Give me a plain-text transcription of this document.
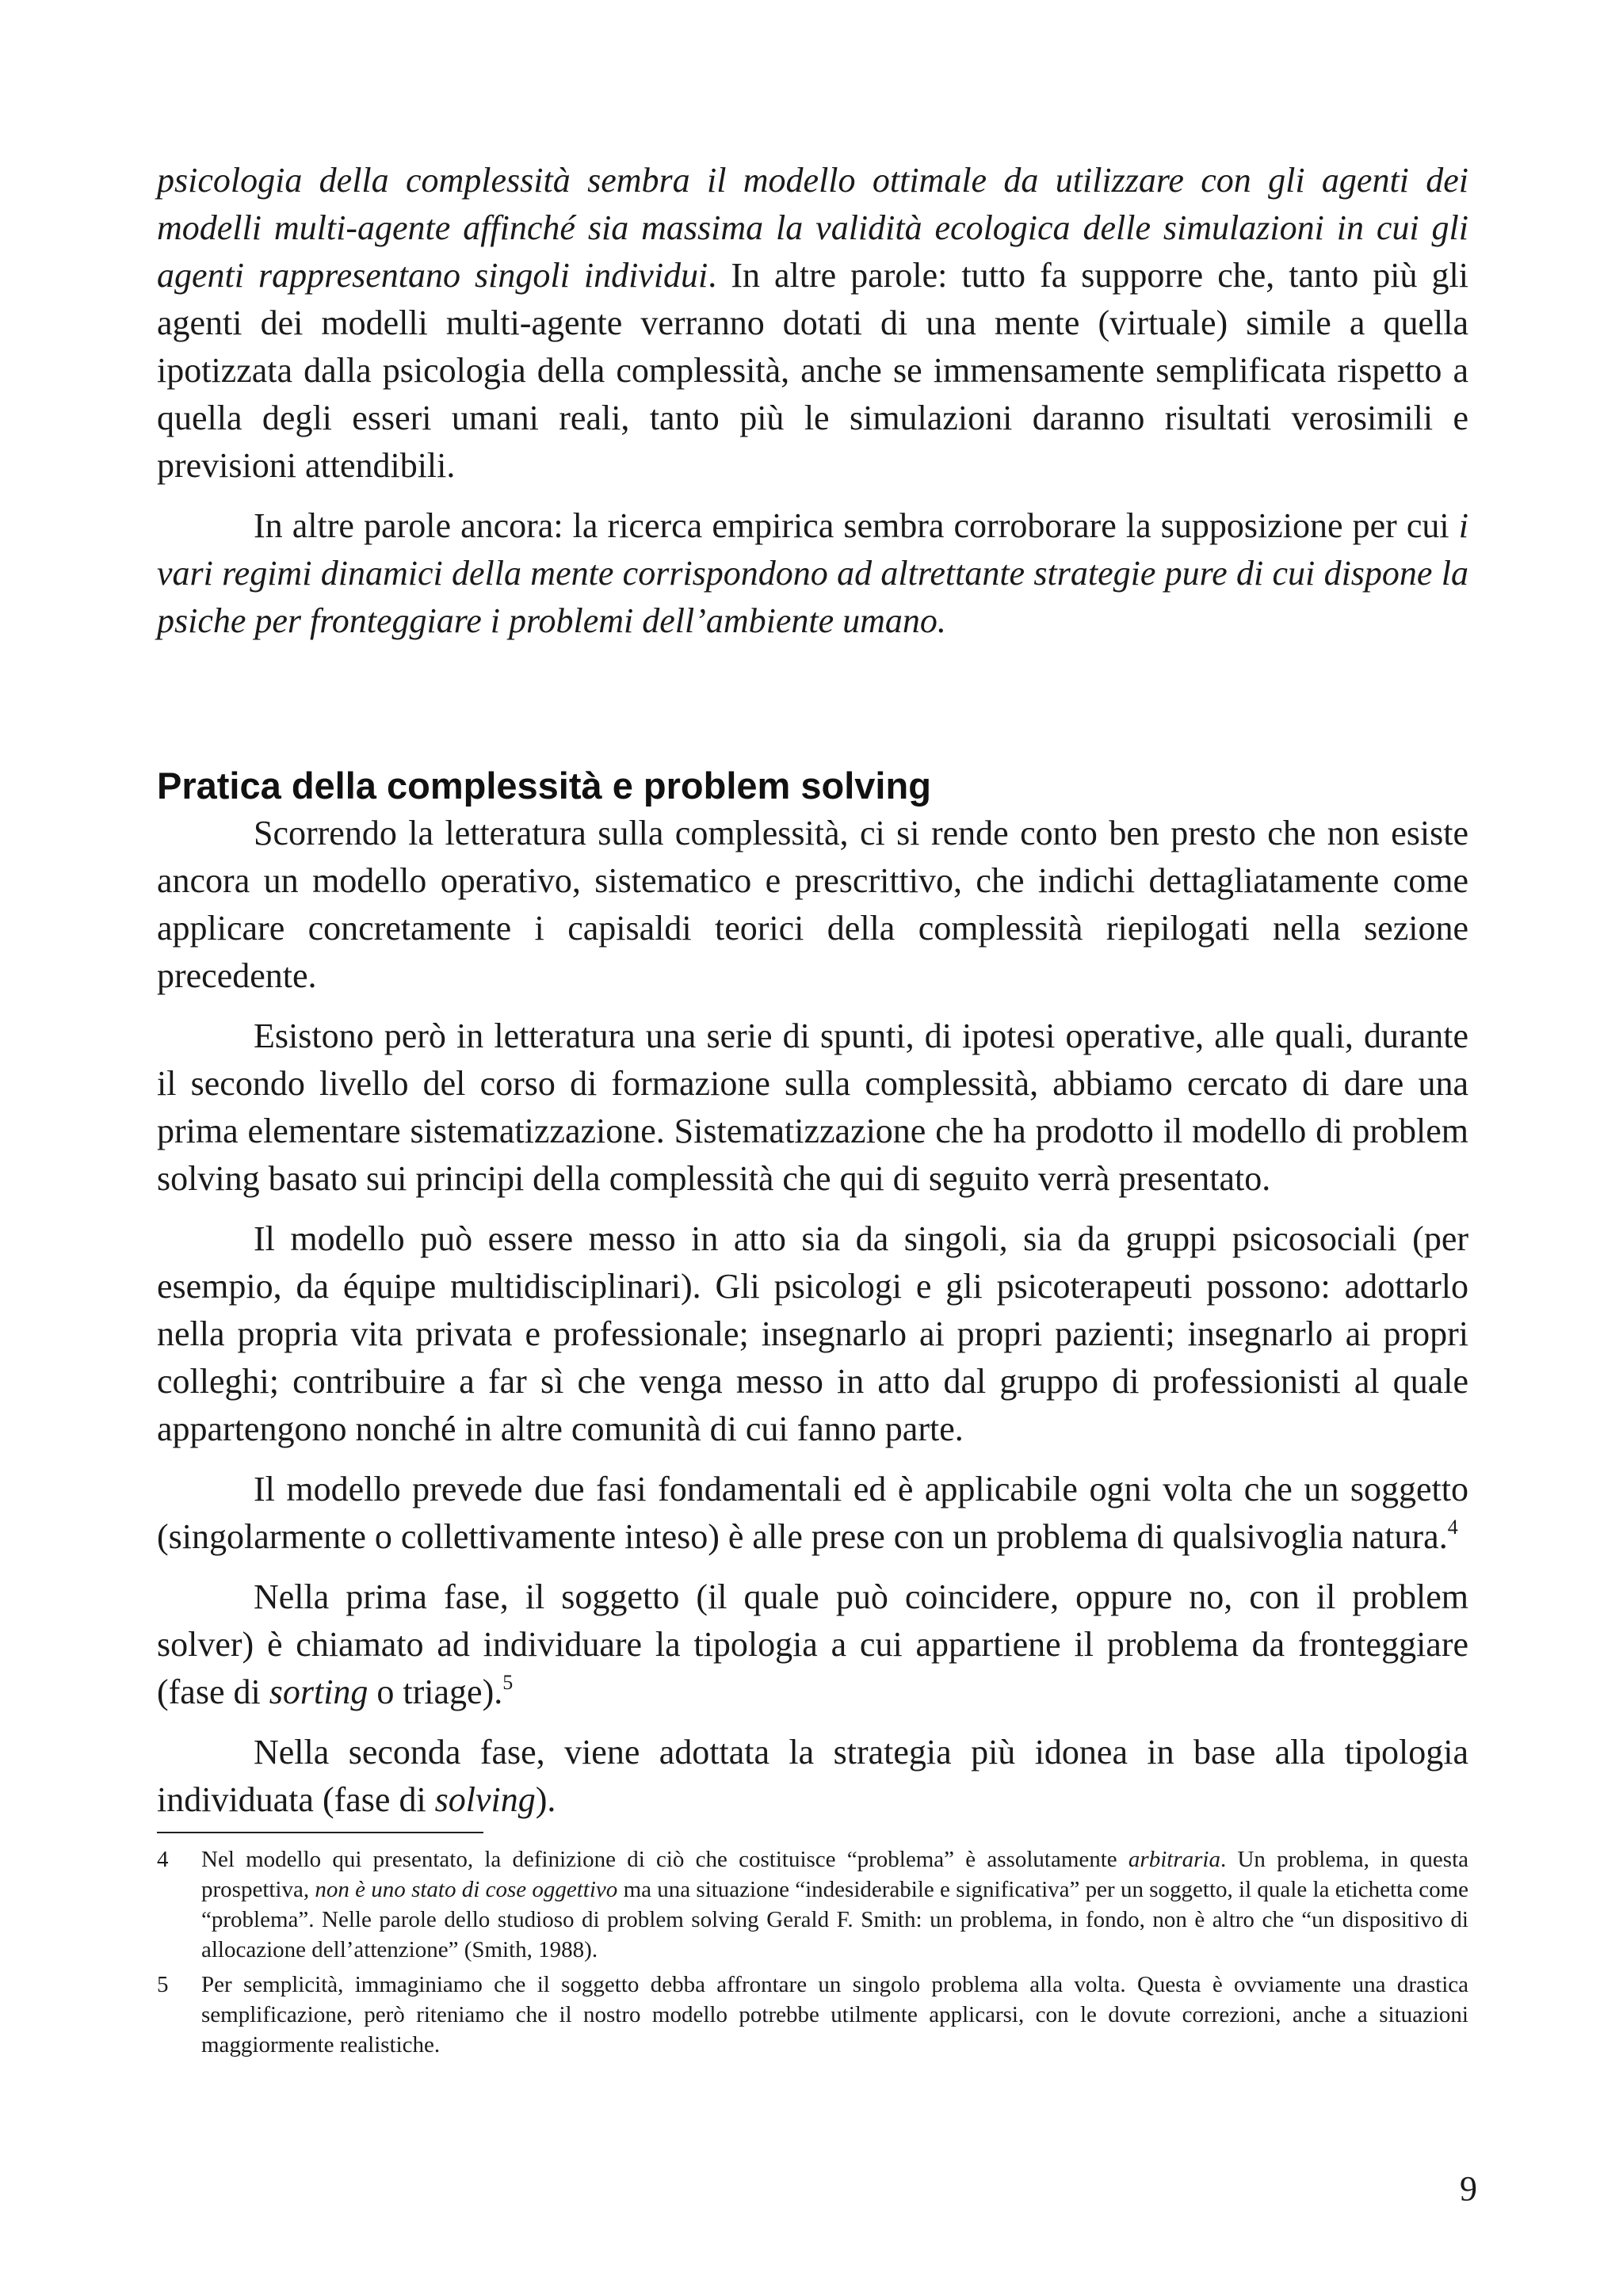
psicologia della complessità sembra il modello ottimale da utilizzare con gli agenti dei modelli multi-agente affinché sia massima la validità ecologica delle simulazioni in cui gli agenti rappresentano singoli individui. In altre parole: tutto fa supporre che, tanto più gli agenti dei modelli multi-agente verranno dotati di una mente (virtuale) simile a quella ipotizzata dalla psicologia della complessità, anche se immensamente semplificata rispetto a quella degli esseri umani reali, tanto più le simulazioni daranno risultati verosimili e previsioni attendibili.

In altre parole ancora: la ricerca empirica sembra corroborare la supposizione per cui i vari regimi dinamici della mente corrispondono ad altrettante strategie pure di cui dispone la psiche per fronteggiare i problemi dell’ambiente umano.

Pratica della complessità e problem solving

Scorrendo la letteratura sulla complessità, ci si rende conto ben presto che non esiste ancora un modello operativo, sistematico e prescrittivo, che indichi dettagliatamente come applicare concretamente i capisaldi teorici della complessità riepilogati nella sezione precedente.

Esistono però in letteratura una serie di spunti, di ipotesi operative, alle quali, durante il secondo livello del corso di formazione sulla complessità, abbiamo cercato di dare una prima elementare sistematizzazione. Sistematizzazione che ha prodotto il modello di problem solving basato sui principi della complessità che qui di seguito verrà presentato.

Il modello può essere messo in atto sia da singoli, sia da gruppi psicosociali (per esempio, da équipe multidisciplinari). Gli psicologi e gli psicoterapeuti possono: adottarlo nella propria vita privata e professionale; insegnarlo ai propri pazienti; insegnarlo ai propri colleghi; contribuire a far sì che venga messo in atto dal gruppo di professionisti al quale appartengono nonché in altre comunità di cui fanno parte.

Il modello prevede due fasi fondamentali ed è applicabile ogni volta che un soggetto (singolarmente o collettivamente inteso) è alle prese con un problema di qualsivoglia natura.$^4$

Nella prima fase, il soggetto (il quale può coincidere, oppure no, con il problem solver) è chiamato ad individuare la tipologia a cui appartiene il problema da fronteggiare (fase di sorting o triage).$^5$

Nella seconda fase, viene adottata la strategia più idonea in base alla tipologia individuata (fase di solving).

4	Nel modello qui presentato, la definizione di ciò che costituisce “problema” è assolutamente arbitraria. Un problema, in questa prospettiva, non è uno stato di cose oggettivo ma una situazione “indesiderabile e significativa” per un soggetto, il quale la etichetta come “problema”. Nelle parole dello studioso di problem solving Gerald F. Smith: un problema, in fondo, non è altro che “un dispositivo di allocazione dell’attenzione” (Smith, 1988).
5	Per semplicità, immaginiamo che il soggetto debba affrontare un singolo problema alla volta. Questa è ovviamente una drastica semplificazione, però riteniamo che il nostro modello potrebbe utilmente applicarsi, con le dovute correzioni, anche a situazioni maggiormente realistiche.
9
